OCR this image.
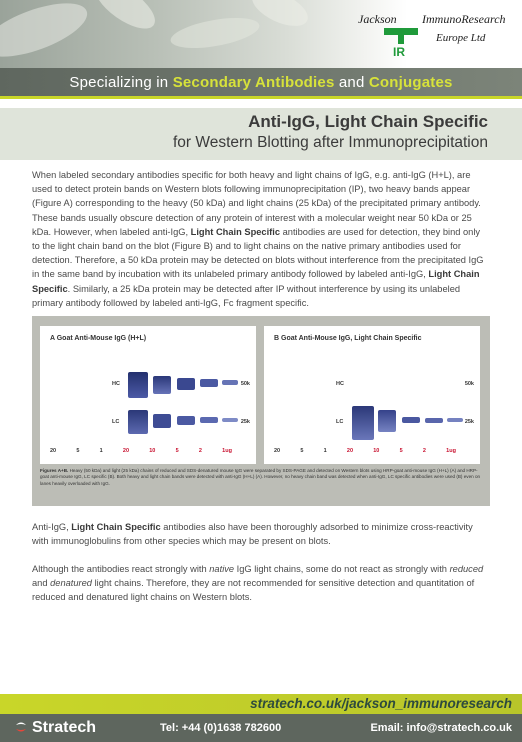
Jackson ImmunoResearch
IR
Europe Ltd
Specializing in Secondary Antibodies and Conjugates
Anti-IgG, Light Chain Specific
for Western Blotting after Immunoprecipitation

When labeled secondary antibodies specific for both heavy and light chains of IgG, e.g. anti-IgG (H+L), are used to detect protein bands on Western blots following immunoprecipitation (IP), two heavy bands appear (Figure A) corresponding to the heavy (50 kDa) and light chains (25 kDa) of the precipitated primary antibody. These bands usually obscure detection of any protein of interest with a molecular weight near 50 kDa or 25 kDa. However, when labeled anti-IgG, Light Chain Specific antibodies are used for detection, they bind only to the light chain band on the blot (Figure B) and to light chains on the native primary antibodies used for detection. Therefore, a 50 kDa protein may be detected on blots without interference from the precipitated IgG in the same band by incubation with its unlabeled primary antibody followed by labeled anti-IgG, Light Chain Specific. Similarly, a 25 kDa protein may be detected after IP without interference by using its unlabeled primary antibody followed by labeled anti-IgG, Fc fragment specific.

A Goat Anti-Mouse IgG (H+L)
HC
LC
50k
25k
20	5	1	20	10	5	2	1ug
B Goat Anti-Mouse IgG, Light Chain Specific
HC
LC
50k
25k
20	5	1	20	10	5	2	1ug

Figures A+B. Heavy (50 kDa) and light (25 kDa) chains of reduced and SDS-denatured mouse IgG were separated by SDS-PAGE and detected on Western blots using HRP-goat anti-mouse IgG (H+L) (A) and HRP-goat anti-mouse IgG, LC specific (B). Both heavy and light chain bands were detected with anti-IgG (H+L) (A). However, no heavy chain band was detected when anti-IgG, LC specific antibodies were used (B) even on lanes heavily overloaded with IgG.

Anti-IgG, Light Chain Specific antibodies also have been thoroughly adsorbed to minimize cross-reactivity with immunoglobulins from other species which may be present on blots.

Although the antibodies react strongly with native IgG light chains, some do not react as strongly with reduced and denatured light chains. Therefore, they are not recommended for sensitive detection and quantitation of reduced and denatured light chains on Western blots.

stratech.co.uk/jackson_immunoresearch
Stratech	Tel: +44 (0)1638 782600	Email: info@stratech.co.uk
